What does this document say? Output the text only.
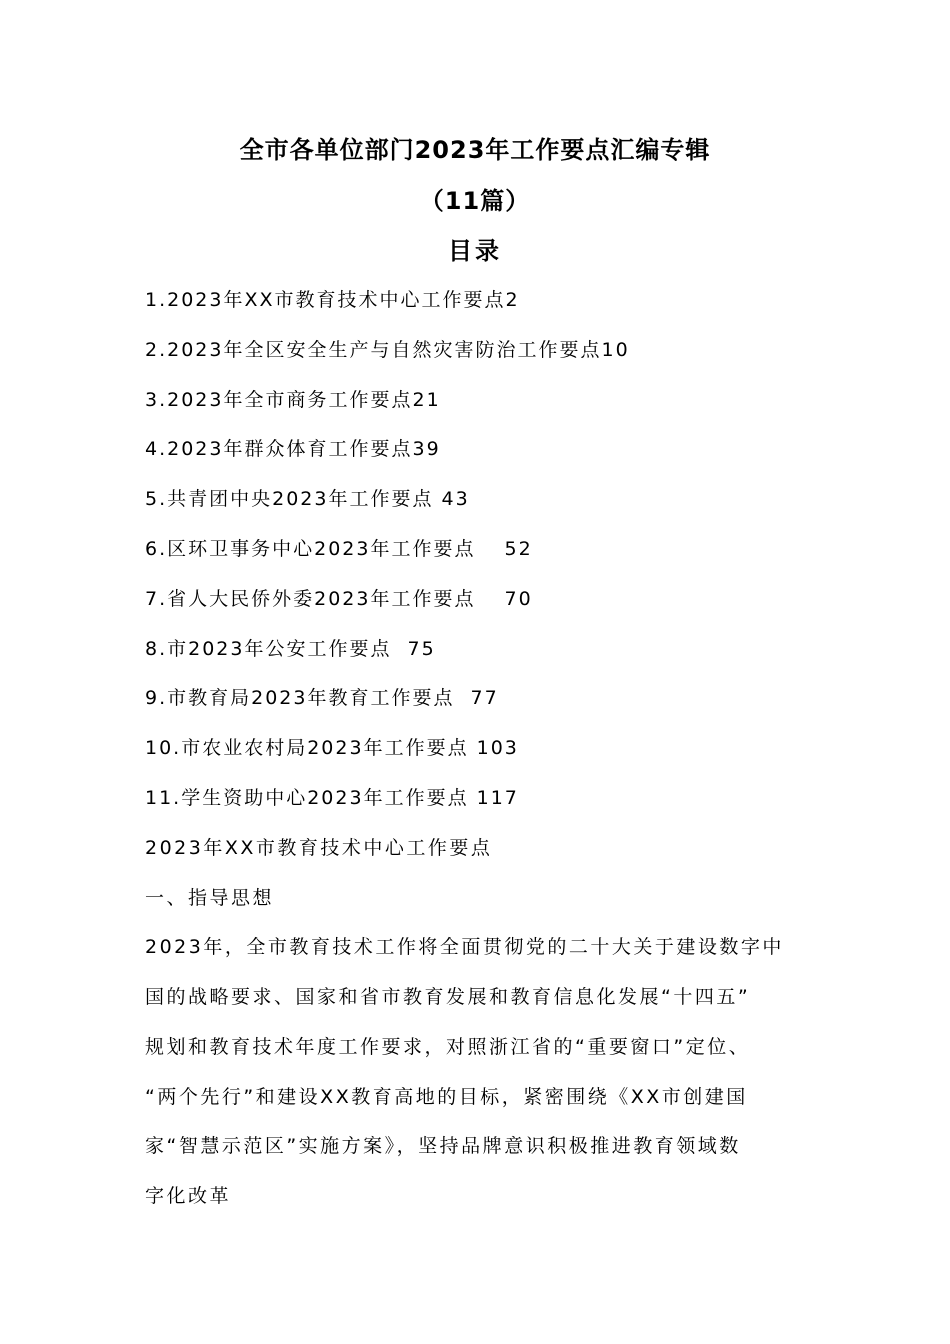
全市各单位部门2023年工作要点汇编专辑
（11篇）
目录
1.2023年XX市教育技术中心工作要点2
2.2023年全区安全生产与自然灾害防治工作要点10
3.2023年全市商务工作要点21
4.2023年群众体育工作要点39
5.共青团中央2023年工作要点 43
6.区环卫事务中心2023年工作要点　 52
7.省人大民侨外委2023年工作要点　 70
8.市2023年公安工作要点  75
9.市教育局2023年教育工作要点  77
10.市农业农村局2023年工作要点 103
11.学生资助中心2023年工作要点 117
2023年XX市教育技术中心工作要点
一、指导思想
2023年，全市教育技术工作将全面贯彻党的二十大关于建设数字中
国的战略要求、国家和省市教育发展和教育信息化发展“十四五”
规划和教育技术年度工作要求，对照浙江省的“重要窗口”定位、
“两个先行”和建设XX教育高地的目标，紧密围绕《XX市创建国
家“智慧示范区”实施方案》，坚持品牌意识积极推进教育领域数
字化改革
